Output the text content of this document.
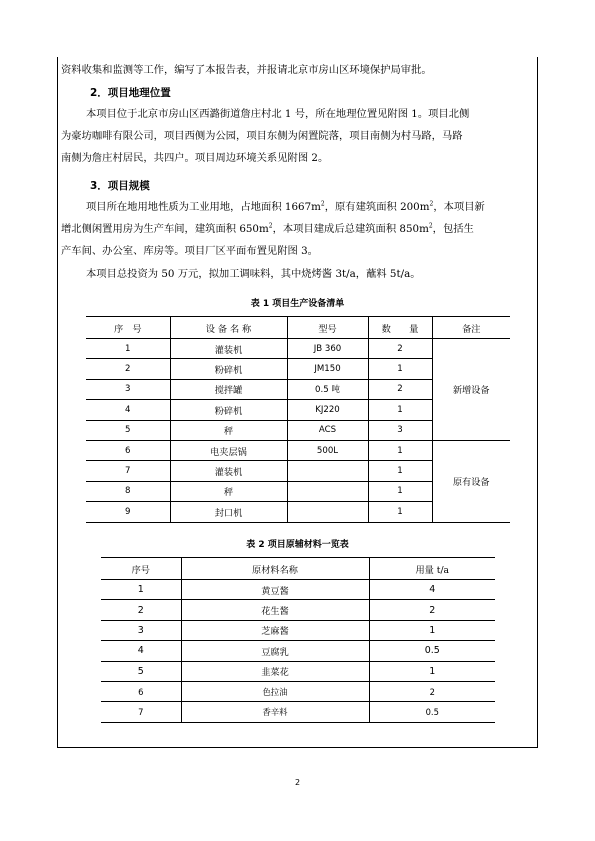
资料收集和监测等工作，编写了本报告表，并报请北京市房山区环境保护局审批。
2．项目地理位置
本项目位于北京市房山区西潞街道詹庄村北 1 号，所在地理位置见附图 1。项目北侧
为豪坊咖啡有限公司，项目西侧为公园，项目东侧为闲置院落，项目南侧为村马路，马路
南侧为詹庄村居民，共四户。项目周边环境关系见附图 2。
3．项目规模
项目所在地用地性质为工业用地，占地面积 $1667m^2$，原有建筑面积 $200m^2$，本项目新
增北侧闲置用房为生产车间，建筑面积 $650m^2$，本项目建成后总建筑面积 $850m^2$，包括生
产车间、办公室、库房等。项目厂区平面布置见附图 3。
本项目总投资为 50 万元，拟加工调味料，其中烧烤酱 3t/a，蘸料 5t/a。
表 1 项目生产设备清单
序　号	设 备 名 称	型号	数　　量	备注
1	灌装机	JB 360	2	新增设备
2	粉碎机	JM150	1	
3	搅拌罐	0.5 吨	2	
4	粉碎机	KJ220	1	
5	秤	ACS	3	
6	电夹层锅	500L	1	原有设备
7	灌装机		1	
8	秤		1	
9	封口机		1	
表 2 项目原辅材料一览表
序号	原材料名称	用量 t/a
1	黄豆酱	4
2	花生酱	2
3	芝麻酱	1
4	豆腐乳	0.5
5	韭菜花	1
6	色拉油	2
7	香辛料	0.5
2
